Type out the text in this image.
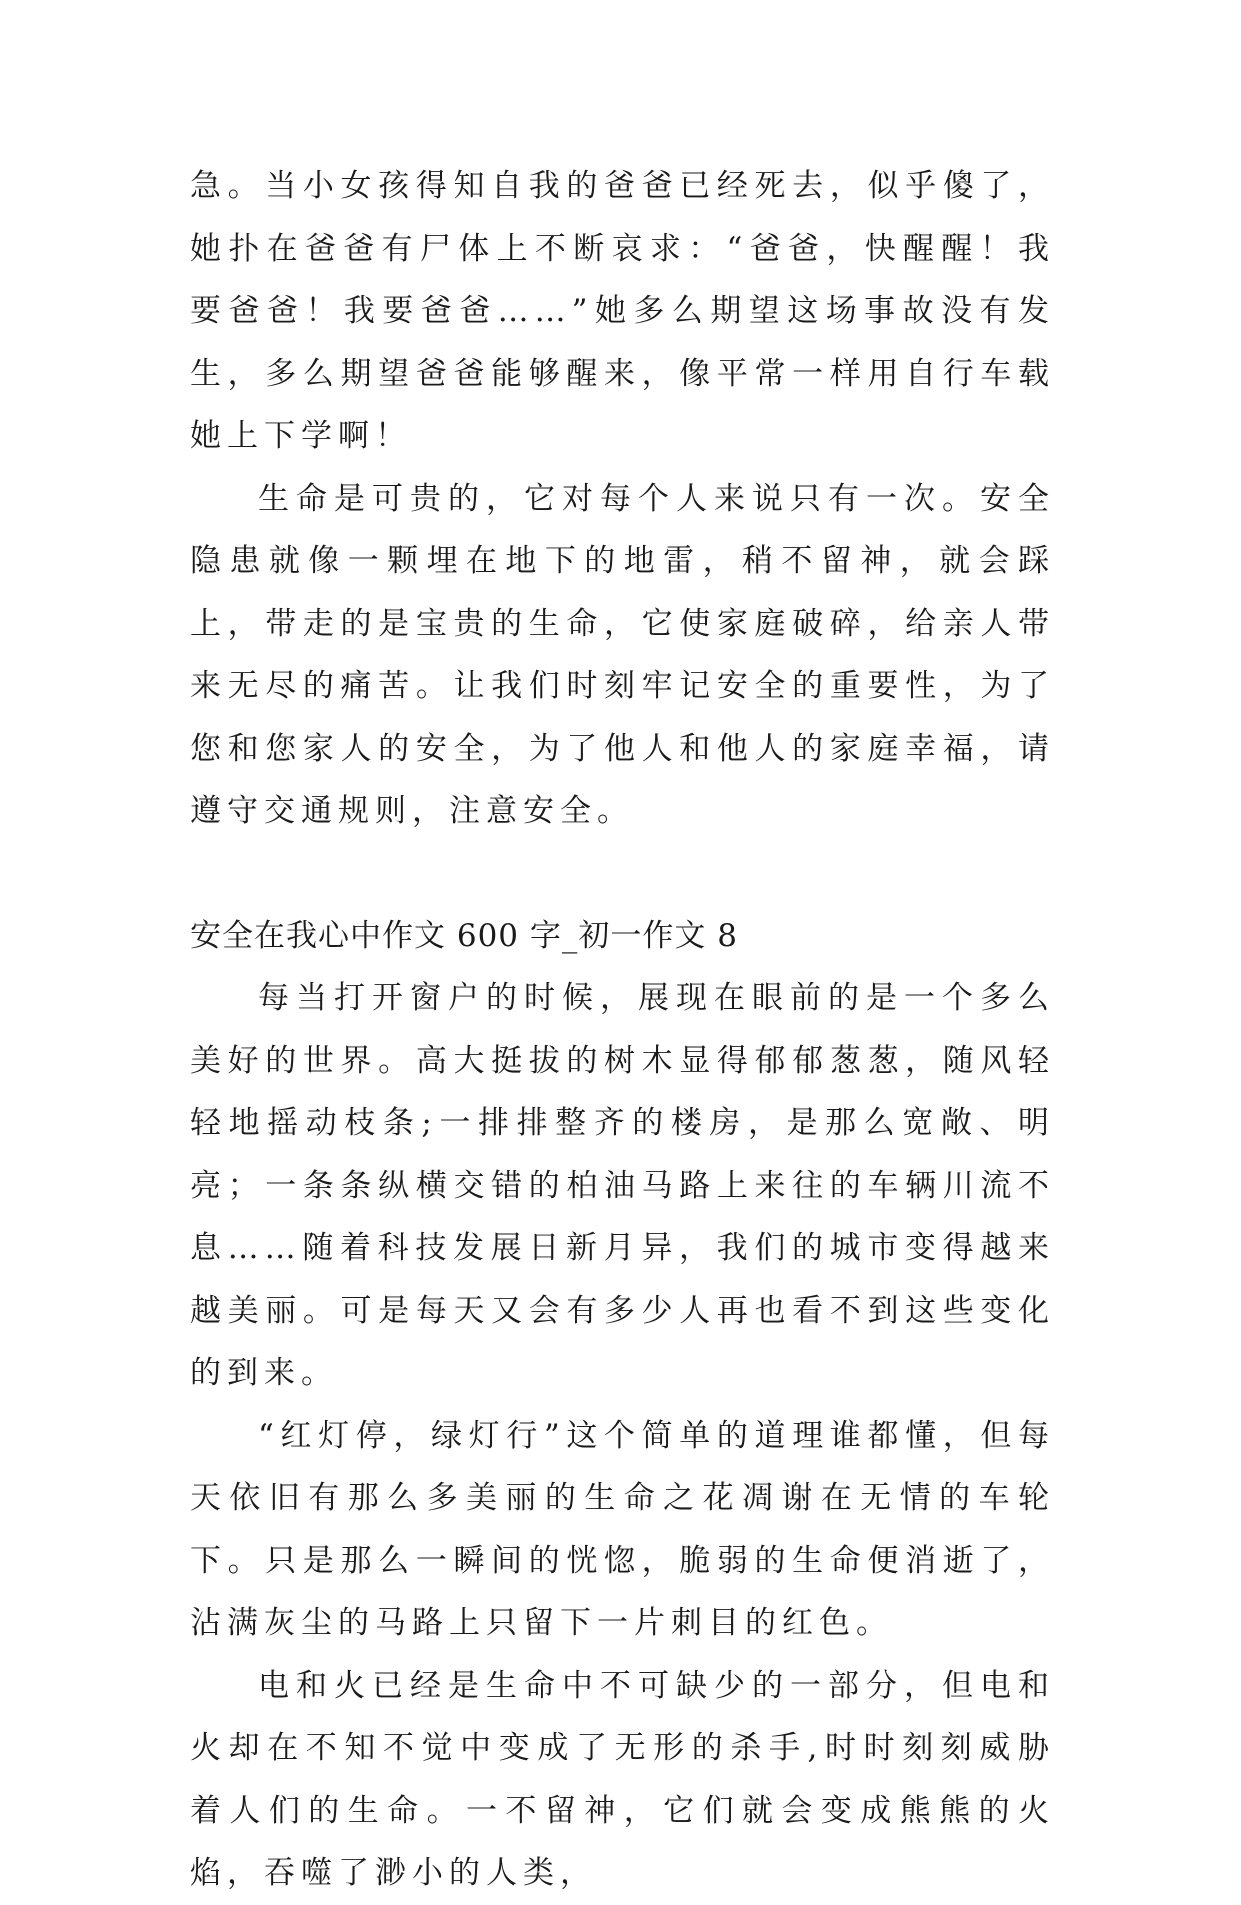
急。当小女孩得知自我的爸爸已经死去，似乎傻了，她扑在爸爸有尸体上不断哀求：“爸爸，快醒醒！我要爸爸！我要爸爸……”她多么期望这场事故没有发生，多么期望爸爸能够醒来，像平常一样用自行车载她上下学啊！

生命是可贵的，它对每个人来说只有一次。安全隐患就像一颗埋在地下的地雷，稍不留神，就会踩上，带走的是宝贵的生命，它使家庭破碎，给亲人带来无尽的痛苦。让我们时刻牢记安全的重要性，为了您和您家人的安全，为了他人和他人的家庭幸福，请遵守交通规则，注意安全。

安全在我心中作文 600 字_初一作文 8

每当打开窗户的时候，展现在眼前的是一个多么美好的世界。高大挺拔的树木显得郁郁葱葱，随风轻轻地摇动枝条;一排排整齐的楼房，是那么宽敞、明亮；一条条纵横交错的柏油马路上来往的车辆川流不息……随着科技发展日新月异，我们的城市变得越来越美丽。可是每天又会有多少人再也看不到这些变化的到来。

“红灯停，绿灯行”这个简单的道理谁都懂，但每天依旧有那么多美丽的生命之花凋谢在无情的车轮下。只是那么一瞬间的恍惚，脆弱的生命便消逝了，沾满灰尘的马路上只留下一片刺目的红色。

电和火已经是生命中不可缺少的一部分，但电和火却在不知不觉中变成了无形的杀手,时时刻刻威胁着人们的生命。一不留神，它们就会变成熊熊的火焰，吞噬了渺小的人类，
